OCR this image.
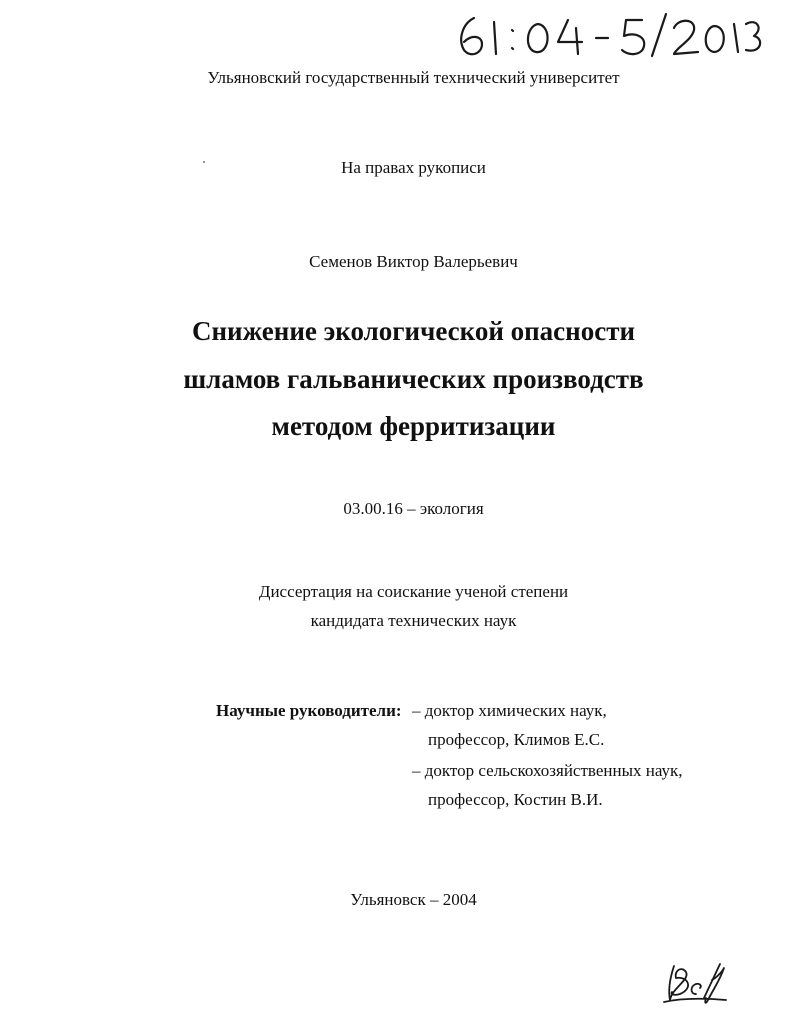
Ульяновский государственный технический университет
На правах рукописи
Семенов Виктор Валерьевич
Снижение экологической опасности
шламов гальванических производств
методом ферритизации
03.00.16 – экология
Диссертация на соискание ученой степени
кандидата технических наук
Научные руководители: – доктор химических наук,
профессор, Климов Е.С.
– доктор сельскохозяйственных наук,
профессор, Костин В.И.
Ульяновск – 2004
